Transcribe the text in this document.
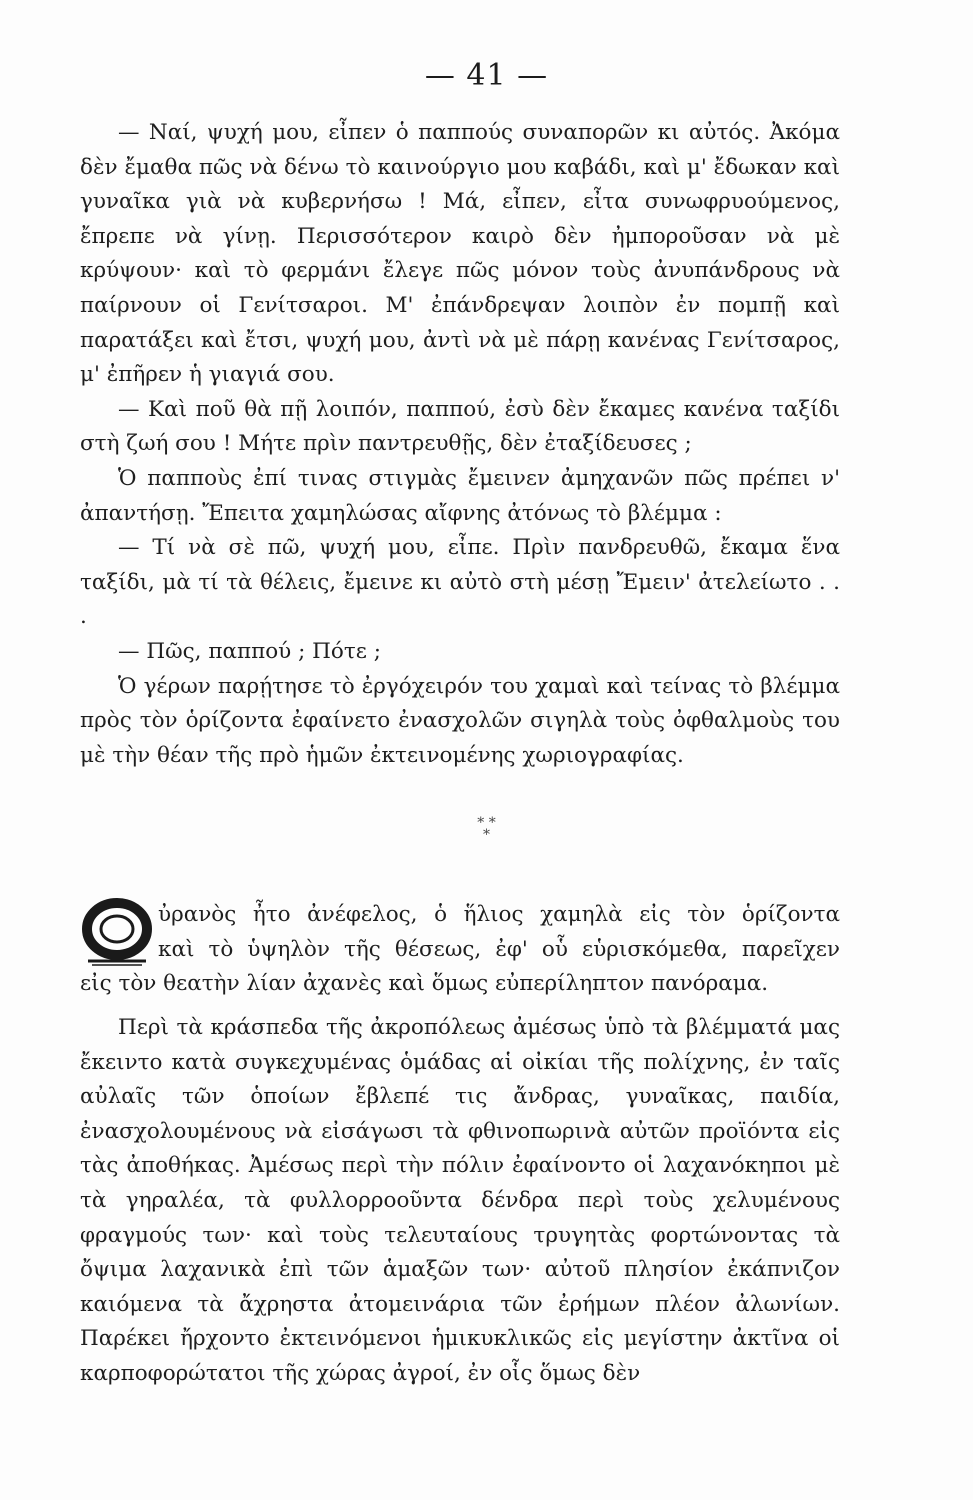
— 41 —

— Ναί, ψυχή μου, εἶπεν ὁ παππούς συναπορῶν κι αὐτός. Ἀκόμα δὲν ἔμαθα πῶς νὰ δένω τὸ καινούργιο μου καβάδι, καὶ μ' ἔδωκαν καὶ γυναῖκα γιὰ νὰ κυβερνήσω ! Μά, εἶπεν, εἶτα συνωφρυούμενος, ἔπρεπε νὰ γίνῃ. Περισσότερον καιρὸ δὲν ἠμποροῦσαν νὰ μὲ κρύψουν· καὶ τὸ φερμάνι ἔλεγε πῶς μόνον τοὺς ἀνυπάνδρους νὰ παίρνουν οἱ Γενίτσαροι. Μ' ἐπάνδρεψαν λοιπὸν ἐν πομπῇ καὶ παρατάξει καὶ ἔτσι, ψυχή μου, ἀντὶ νὰ μὲ πάρῃ κανένας Γενίτσαρος, μ' ἐπῆρεν ἡ γιαγιά σου.

— Καὶ ποῦ θὰ πῇ λοιπόν, παππού, ἐσὺ δὲν ἔκαμες κανένα ταξίδι στὴ ζωή σου ! Μήτε πρὶν παντρευθῇς, δὲν ἐταξίδευσες ;

Ὁ παπποὺς ἐπί τινας στιγμὰς ἔμεινεν ἀμηχανῶν πῶς πρέπει ν' ἀπαντήσῃ. Ἔπειτα χαμηλώσας αἴφνης ἀτόνως τὸ βλέμμα :

— Τί νὰ σὲ πῶ, ψυχή μου, εἶπε. Πρὶν πανδρευθῶ, ἔκαμα ἕνα ταξίδι, μὰ τί τὰ θέλεις, ἔμεινε κι αὐτὸ στὴ μέσῃ Ἔμειν' ἀτελείωτο . . .

— Πῶς, παππού ; Πότε ;

Ὁ γέρων παρῄτησε τὸ ἐργόχειρόν του χαμαὶ καὶ τείνας τὸ βλέμμα πρὸς τὸν ὁρίζοντα ἐφαίνετο ἐνασχολῶν σιγηλὰ τοὺς ὀφθαλμοὺς του μὲ τὴν θέαν τῆς πρὸ ἡμῶν ἐκτεινομένης χωριογραφίας.

* *
*
O
ὐρανὸς ἦτο ἀνέφελος, ὁ ἥλιος χαμηλὰ εἰς τὸν ὁρίζοντα
καὶ τὸ ὑψηλὸν τῆς θέσεως, ἐφ' οὗ εὑρισκόμεθα, παρεῖχεν
εἰς τὸν θεατὴν λίαν ἀχανὲς καὶ ὅμως εὐπερίληπτον πανόραμα.

Περὶ τὰ κράσπεδα τῆς ἀκροπόλεως ἀμέσως ὑπὸ τὰ βλέμματά μας ἔκειντο κατὰ συγκεχυμένας ὁμάδας αἱ οἰκίαι τῆς πολίχνης, ἐν ταῖς αὐλαῖς τῶν ὁποίων ἔβλεπέ τις ἄνδρας, γυναῖκας, παιδία, ἐνασχολουμένους νὰ εἰσάγωσι τὰ φθινοπωρινὰ αὐτῶν προϊόντα εἰς τὰς ἀποθήκας. Ἀμέσως περὶ τὴν πόλιν ἐφαίνοντο οἱ λαχανόκηποι μὲ τὰ γηραλέα, τὰ φυλλορροοῦντα δένδρα περὶ τοὺς χελυμένους φραγμούς των· καὶ τοὺς τελευταίους τρυγητὰς φορτώνοντας τὰ ὄψιμα λαχανικὰ ἐπὶ τῶν ἁμαξῶν των· αὐτοῦ πλησίον ἐκάπνιζον καιόμενα τὰ ἄχρηστα ἀτομεινάρια τῶν ἐρήμων πλέον ἀλωνίων. Παρέκει ἤρχοντο ἐκτεινόμενοι ἡμικυκλικῶς εἰς μεγίστην ἀκτῖνα οἱ καρποφορώτατοι τῆς χώρας ἀγροί, ἐν οἷς ὅμως δὲν
